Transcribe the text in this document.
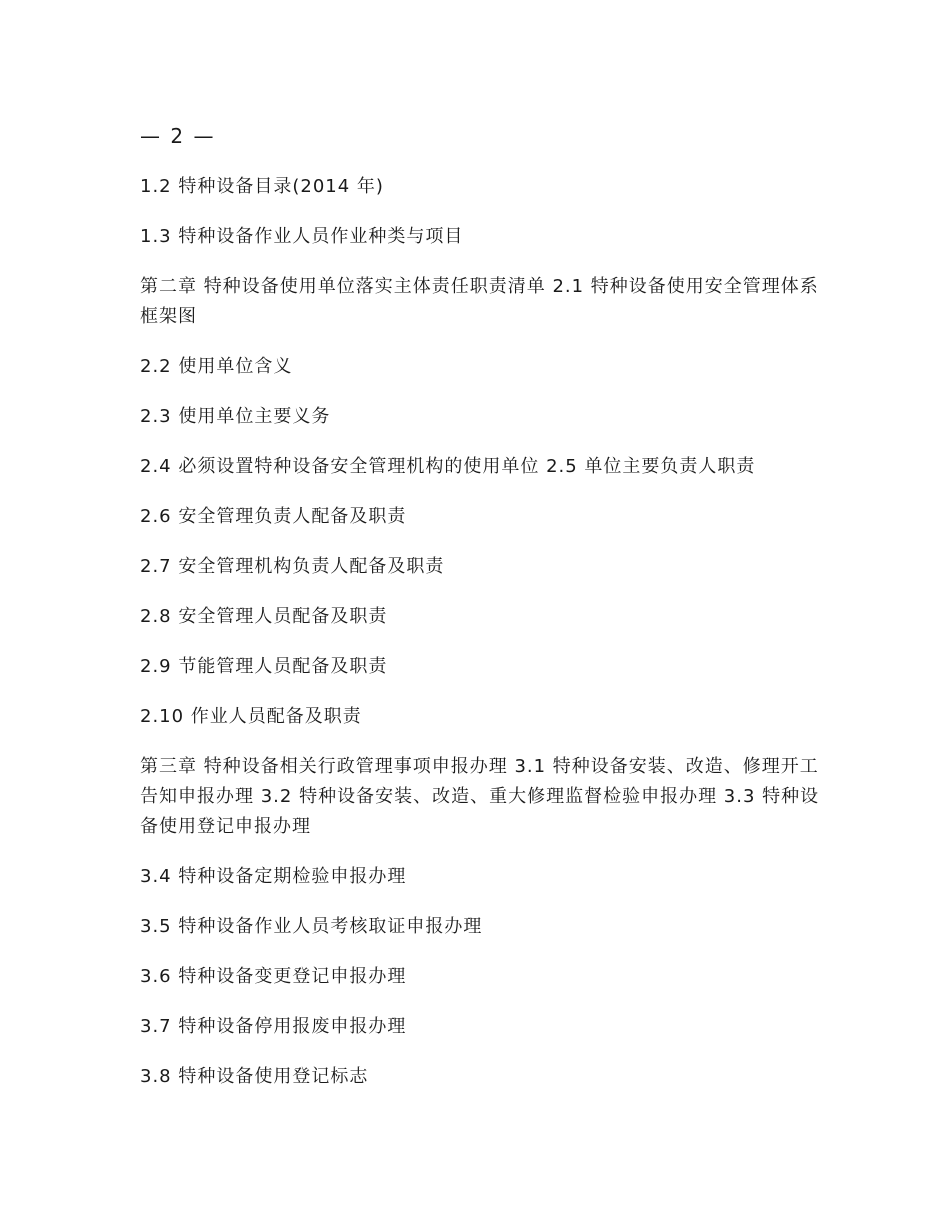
— 2 —
1.2 特种设备目录(2014 年)
1.3 特种设备作业人员作业种类与项目
第二章 特种设备使用单位落实主体责任职责清单 2.1 特种设备使用安全管理体系框架图
2.2 使用单位含义
2.3 使用单位主要义务
2.4 必须设置特种设备安全管理机构的使用单位 2.5 单位主要负责人职责
2.6 安全管理负责人配备及职责
2.7 安全管理机构负责人配备及职责
2.8 安全管理人员配备及职责
2.9 节能管理人员配备及职责
2.10 作业人员配备及职责
第三章 特种设备相关行政管理事项申报办理 3.1 特种设备安装、改造、修理开工告知申报办理 3.2 特种设备安装、改造、重大修理监督检验申报办理 3.3 特种设备使用登记申报办理
3.4 特种设备定期检验申报办理
3.5 特种设备作业人员考核取证申报办理
3.6 特种设备变更登记申报办理
3.7 特种设备停用报废申报办理
3.8 特种设备使用登记标志
